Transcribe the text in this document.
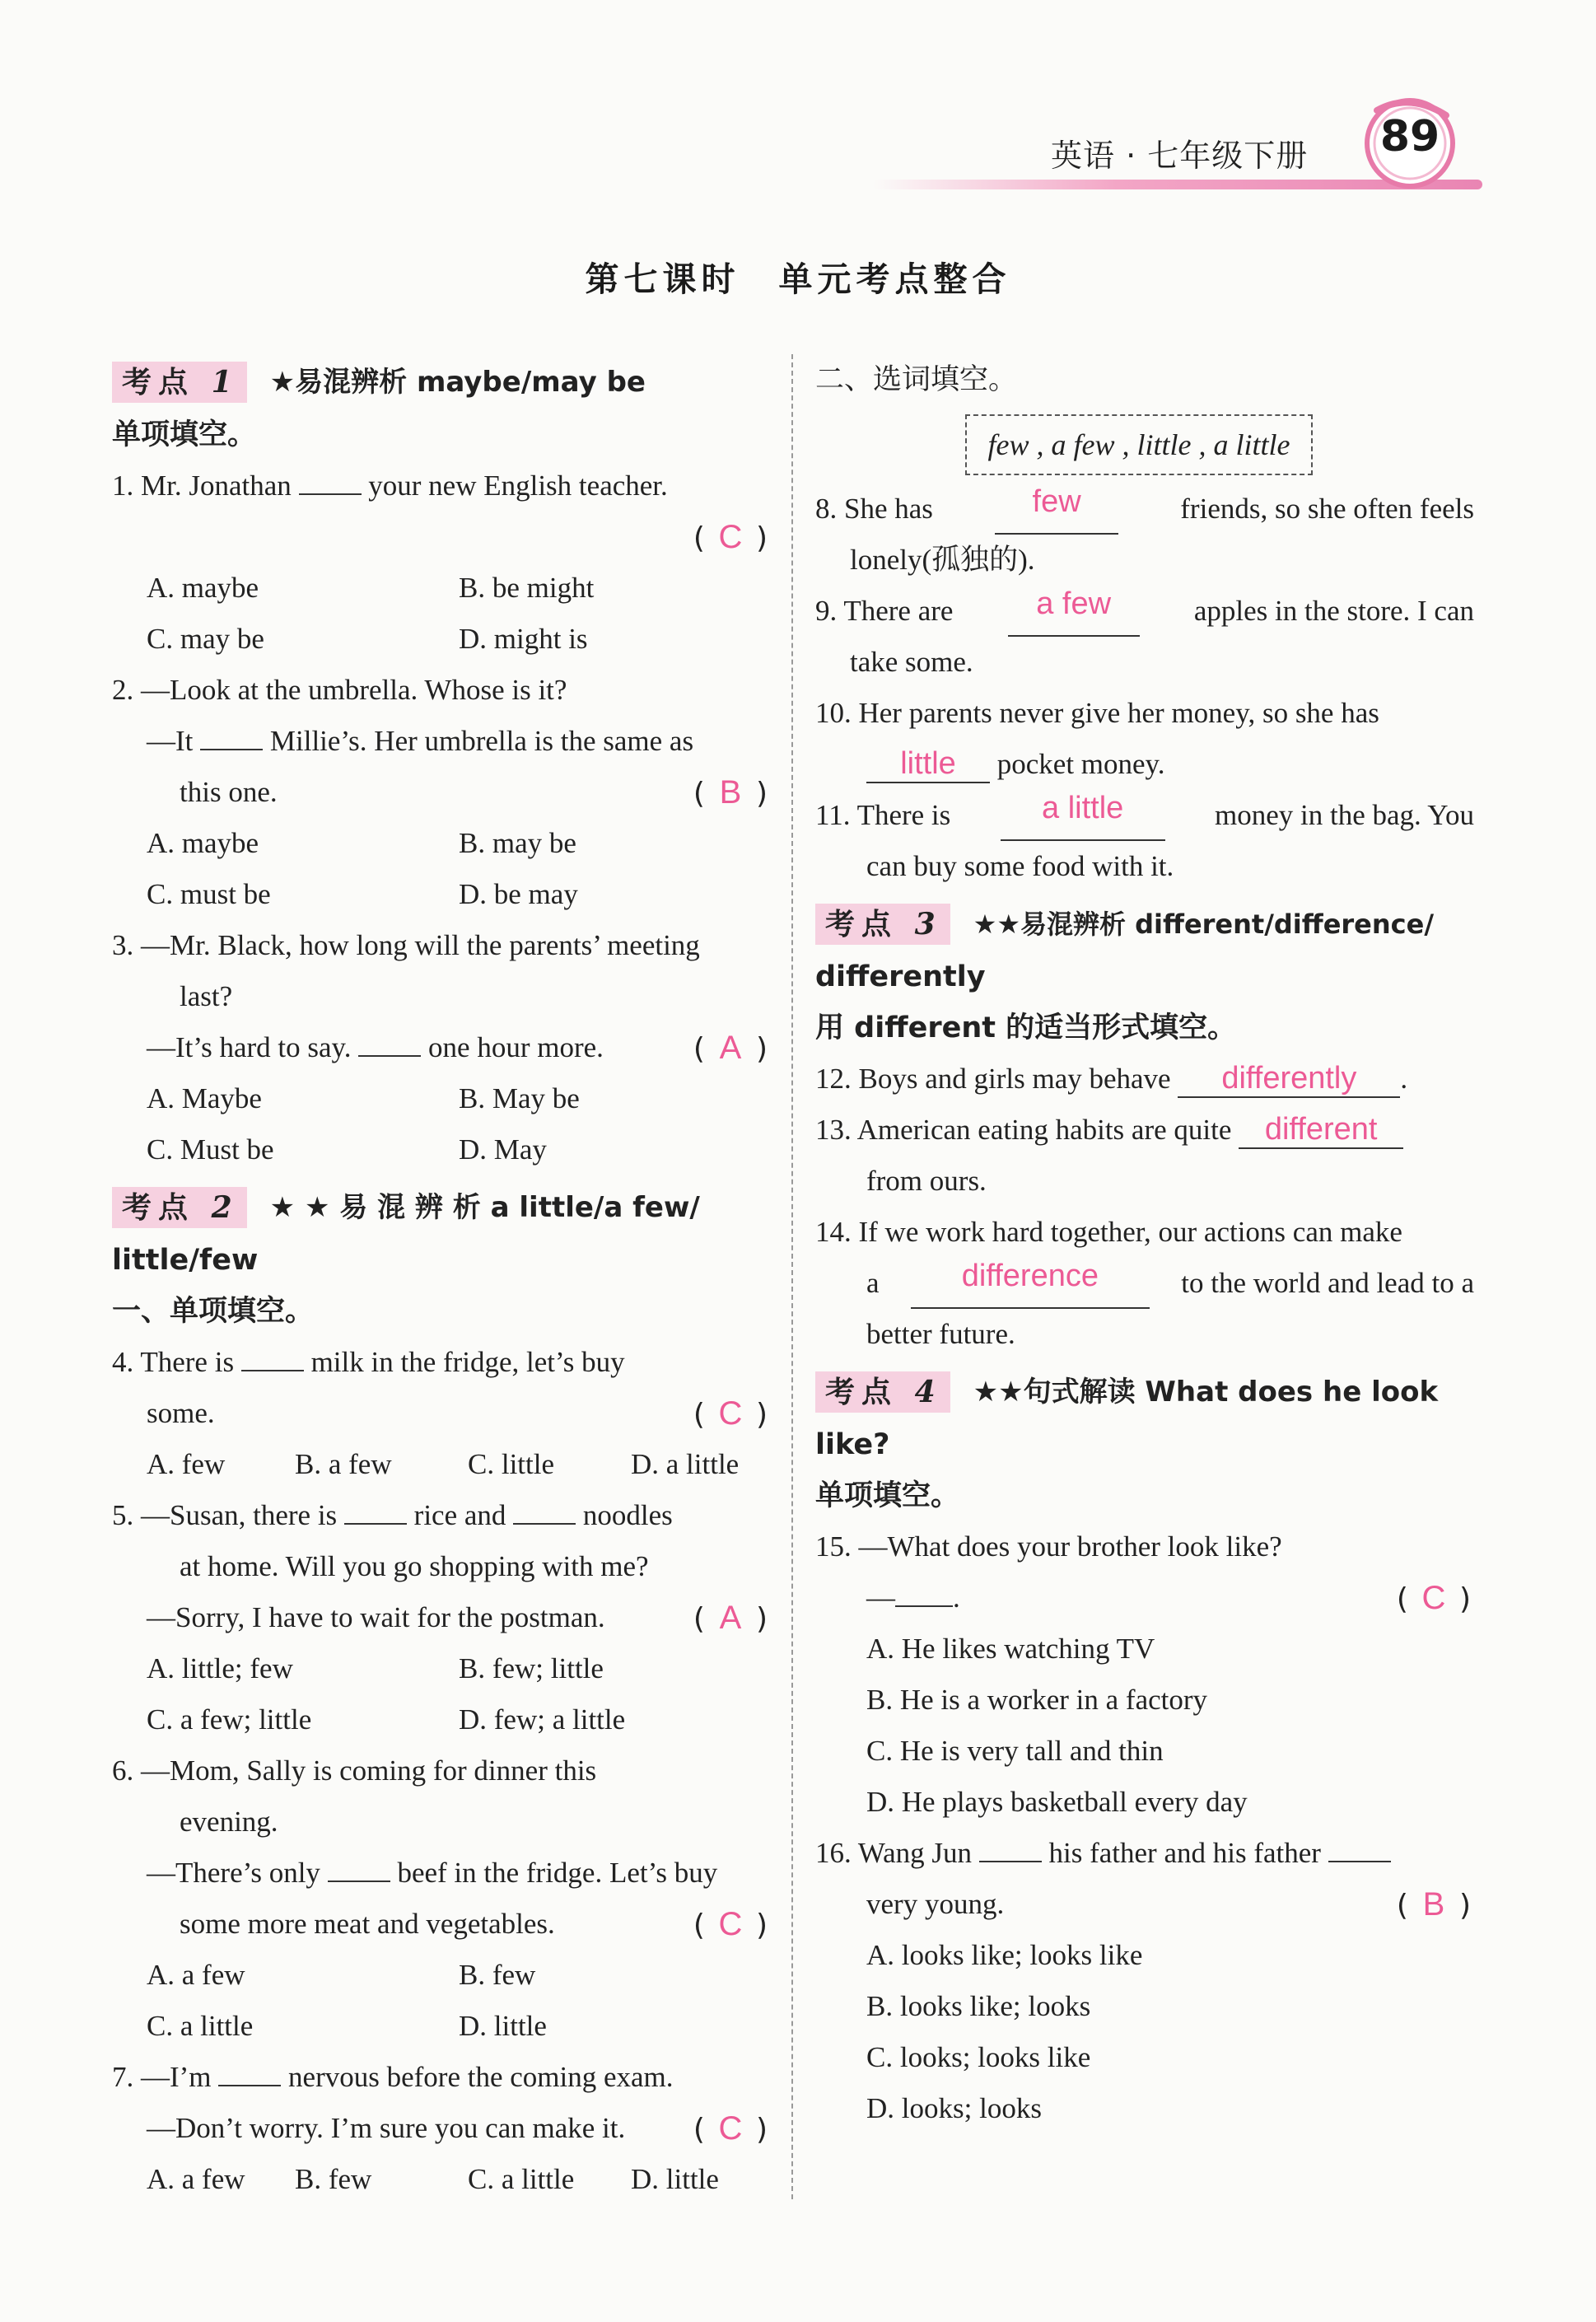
英语 · 七年级下册	89
第七课时　单元考点整合
考点 1 ★易混辨析 maybe/may be
单项填空。
1. Mr. Jonathan	your new English teacher.
( C )
A. maybe	B. be might
C. may be	D. might is
2. —Look at the umbrella. Whose is it?
—It	Millie’s. Her umbrella is the same as
this one.	( B )
A. maybe	B. may be
C. must be	D. be may
3. —Mr. Black, how long will the parents’ meeting
last?
—It’s hard to say.	one hour more.	( A )
A. Maybe	B. May be
C. Must be	D. May
考点 2 ★ ★ 易 混 辨 析 a little/a few/
little/few
一、单项填空。
4. There is	milk in the fridge, let’s buy
some.	( C )
A. few	B. a few	C. little	D. a little
5. —Susan, there is	rice and	noodles
at home. Will you go shopping with me?
—Sorry, I have to wait for the postman.	( A )
A. little; few	B. few; little
C. a few; little	D. few; a little
6. —Mom, Sally is coming for dinner this
evening.
—There’s only	beef in the fridge. Let’s buy
some more meat and vegetables.	( C )
A. a few	B. few
C. a little	D. little
7. —I’m	nervous before the coming exam.
—Don’t worry. I’m sure you can make it. ( C )
A. a few	B. few	C. a little	D. little
二、选词填空。
few , a few , little , a little
8. She has	few	friends, so she often feels
lonely(孤独的).
9. There are	a few	apples in the store. I can
take some.
10. Her parents never give her money, so she has
little pocket money.
11. There is	a little	money in the bag. You
can buy some food with it.
考点 3 ★★易混辨析 different/difference/
differently
用 different 的适当形式填空。
12. Boys and girls may behave differently .
13. American eating habits are quite different
from ours.
14. If we work hard together, our actions can make
a	difference	to the world and lead to a
better future.
考点 4 ★★句式解读 What does he look
like?
单项填空。
15. —What does your brother look like?
— .	( C )
A. He likes watching TV
B. He is a worker in a factory
C. He is very tall and thin
D. He plays basketball every day
16. Wang Jun	his father and his father
very young.	( B )
A. looks like; looks like
B. looks like; looks
C. looks; looks like
D. looks; looks
